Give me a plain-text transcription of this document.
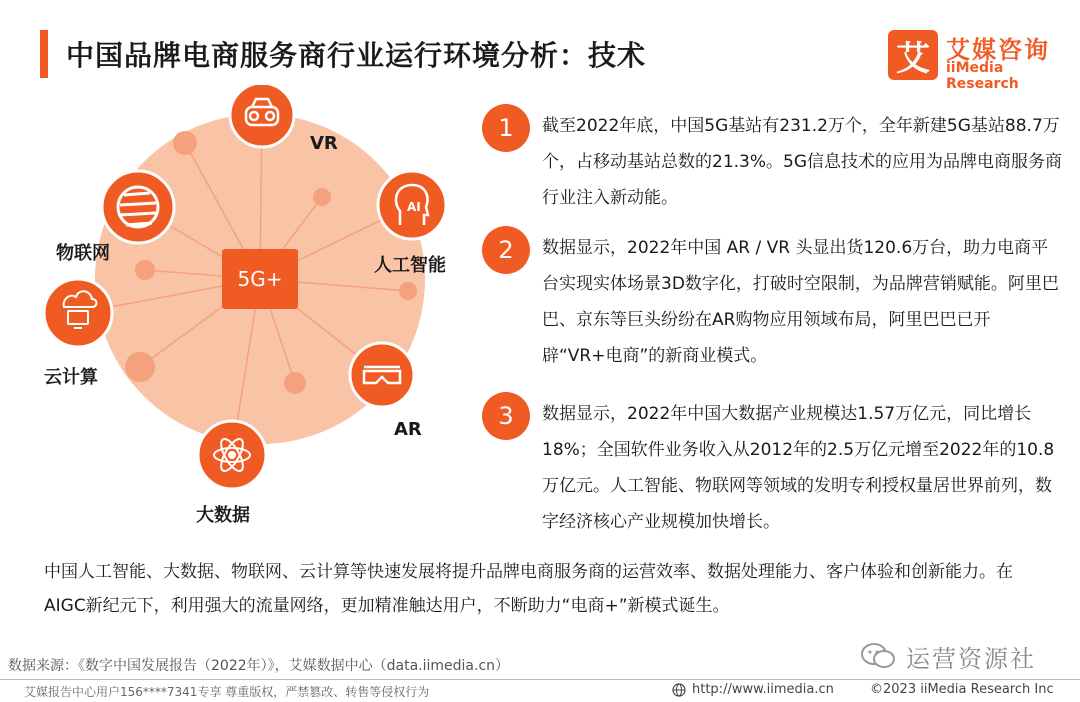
中国品牌电商服务商行业运行环境分析：技术	艾 艾媒咨询
iiMedia Research
AI
5G+
VR
人工智能
AR
大数据
云计算
物联网
1	截至2022年底，中国5G基站有231.2万个，全年新建5G基站88.7万个，占移动基站总数的21.3%。5G信息技术的应用为品牌电商服务商行业注入新动能。
2	数据显示，2022年中国 AR / VR 头显出货120.6万台，助力电商平台实现实体场景3D数字化，打破时空限制，为品牌营销赋能。阿里巴巴、京东等巨头纷纷在AR购物应用领域布局，阿里巴巴已开辟“VR+电商”的新商业模式。
3	数据显示，2022年中国大数据产业规模达1.57万亿元，同比增长18%；全国软件业务收入从2012年的2.5万亿元增至2022年的10.8万亿元。人工智能、物联网等领域的发明专利授权量居世界前列，数字经济核心产业规模加快增长。
中国人工智能、大数据、物联网、云计算等快速发展将提升品牌电商服务商的运营效率、数据处理能力、客户体验和创新能力。在AIGC新纪元下，利用强大的流量网络，更加精准触达用户，不断助力“电商+”新模式诞生。
数据来源：《数字中国发展报告（2022年）》，艾媒数据中心（data.iimedia.cn）	运营资源社
艾媒报告中心用户156****7341专享 尊重版权，严禁篡改、转售等侵权行为	http://www.iimedia.cn	©2023 iiMedia Research Inc
